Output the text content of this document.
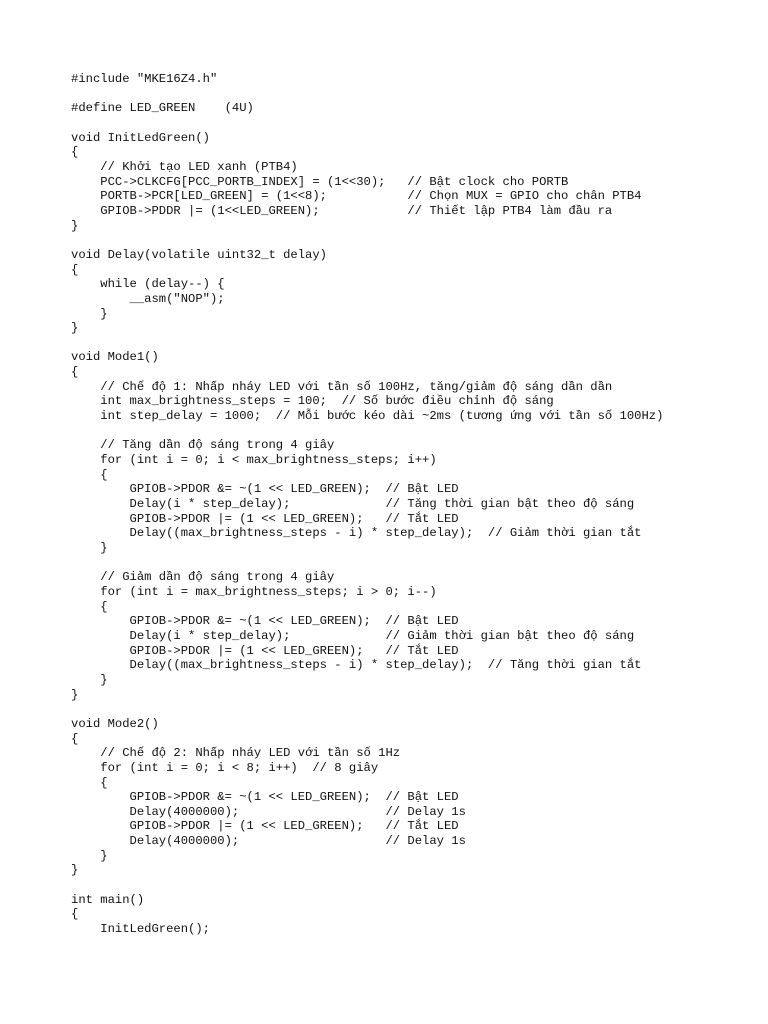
#include "MKE16Z4.h"
#define LED_GREEN    (4U)
void InitLedGreen()
{
// Khởi tạo LED xanh (PTB4)
PCC->CLKCFG[PCC_PORTB_INDEX] = (1<<30);   // Bật clock cho PORTB
PORTB->PCR[LED_GREEN] = (1<<8);           // Chọn MUX = GPIO cho chân PTB4
GPIOB->PDDR |= (1<<LED_GREEN);            // Thiết lập PTB4 làm đầu ra
}
void Delay(volatile uint32_t delay)
{
while (delay--) {
__asm("NOP");
}
}
void Mode1()
{
// Chế độ 1: Nhấp nháy LED với tần số 100Hz, tăng/giảm độ sáng dần dần
int max_brightness_steps = 100;  // Số bước điều chỉnh độ sáng
int step_delay = 1000;  // Mỗi bước kéo dài ~2ms (tương ứng với tần số 100Hz)
// Tăng dần độ sáng trong 4 giây
for (int i = 0; i < max_brightness_steps; i++)
{
GPIOB->PDOR &= ~(1 << LED_GREEN);  // Bật LED
Delay(i * step_delay);             // Tăng thời gian bật theo độ sáng
GPIOB->PDOR |= (1 << LED_GREEN);   // Tắt LED
Delay((max_brightness_steps - i) * step_delay);  // Giảm thời gian tắt
}
// Giảm dần độ sáng trong 4 giây
for (int i = max_brightness_steps; i > 0; i--)
{
GPIOB->PDOR &= ~(1 << LED_GREEN);  // Bật LED
Delay(i * step_delay);             // Giảm thời gian bật theo độ sáng
GPIOB->PDOR |= (1 << LED_GREEN);   // Tắt LED
Delay((max_brightness_steps - i) * step_delay);  // Tăng thời gian tắt
}
}
void Mode2()
{
// Chế độ 2: Nhấp nháy LED với tần số 1Hz
for (int i = 0; i < 8; i++)  // 8 giây
{
GPIOB->PDOR &= ~(1 << LED_GREEN);  // Bật LED
Delay(4000000);                    // Delay 1s
GPIOB->PDOR |= (1 << LED_GREEN);   // Tắt LED
Delay(4000000);                    // Delay 1s
}
}
int main()
{
InitLedGreen();
